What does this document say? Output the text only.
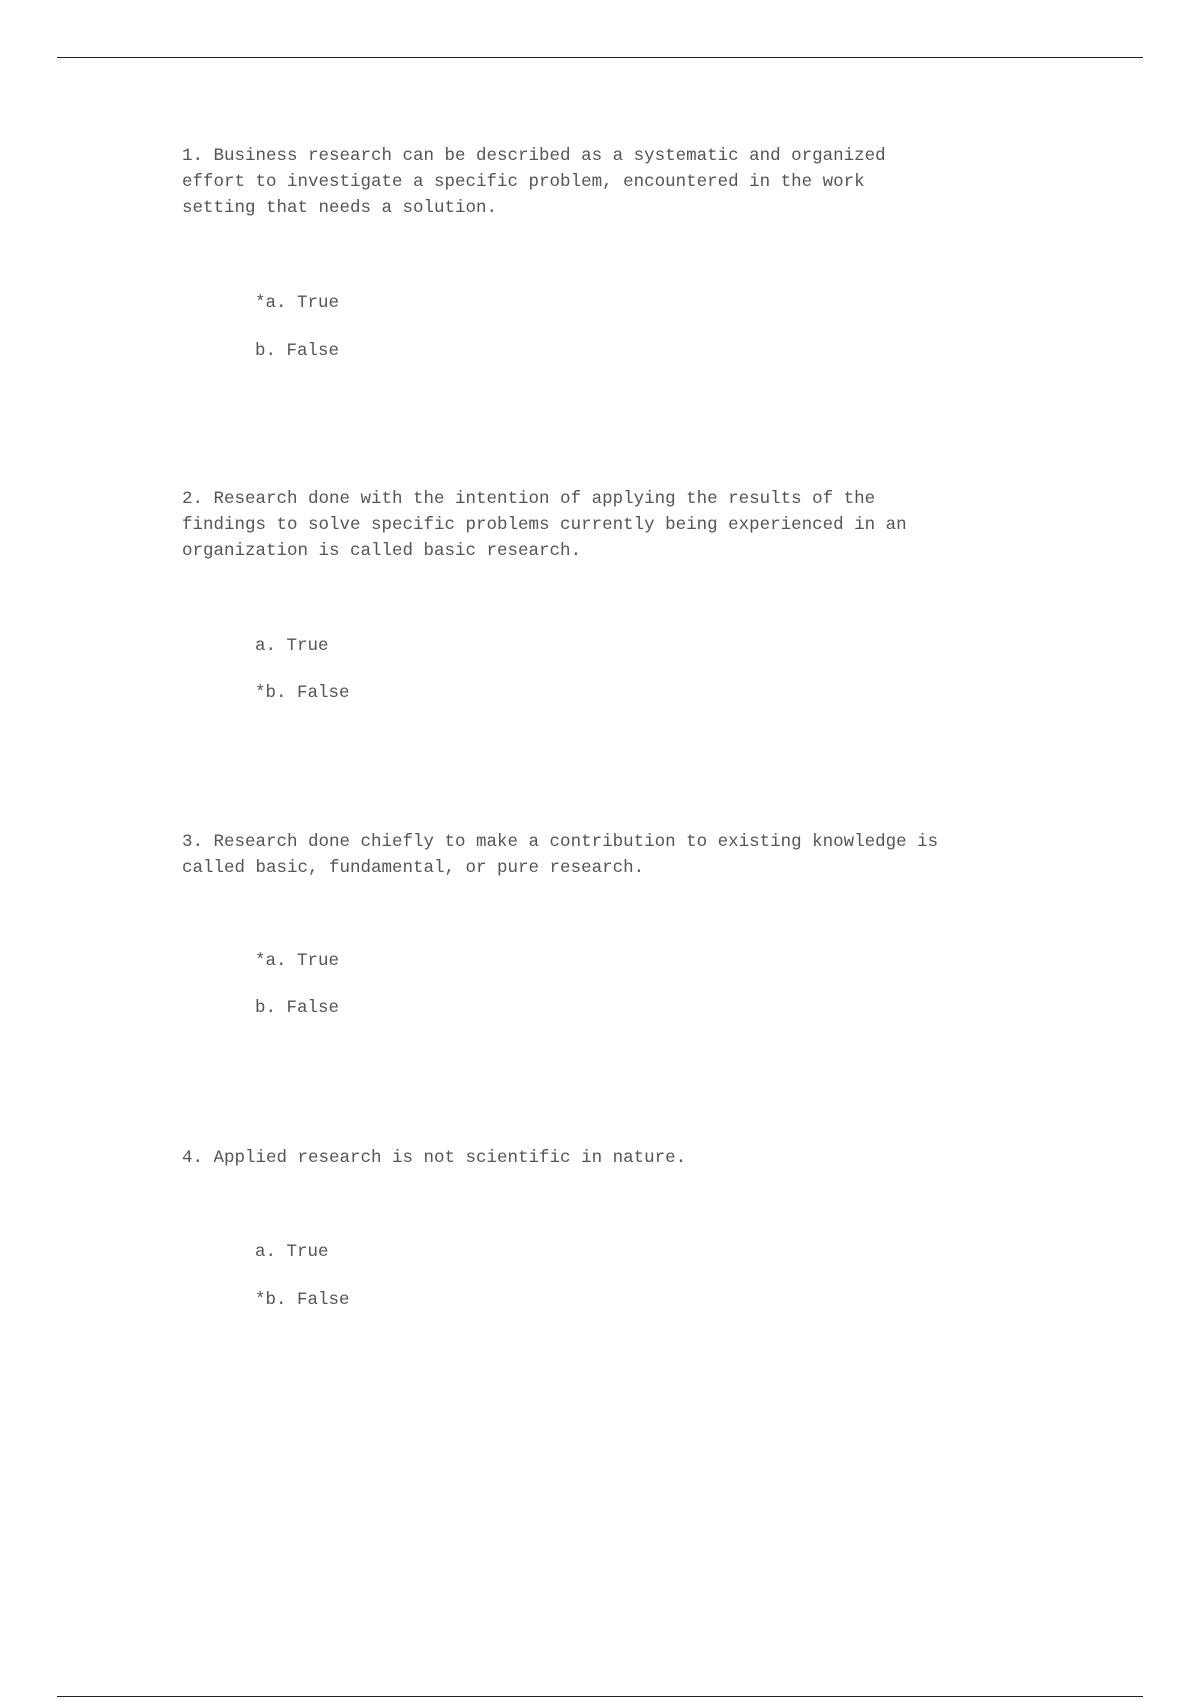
1. Business research can be described as a systematic and organized
effort to investigate a specific problem, encountered in the work
setting that needs a solution.

*a. True

b. False

2. Research done with the intention of applying the results of the
findings to solve specific problems currently being experienced in an
organization is called basic research.

a. True

*b. False

3. Research done chiefly to make a contribution to existing knowledge is
called basic, fundamental, or pure research.

*a. True

b. False

4. Applied research is not scientific in nature.

a. True

*b. False
